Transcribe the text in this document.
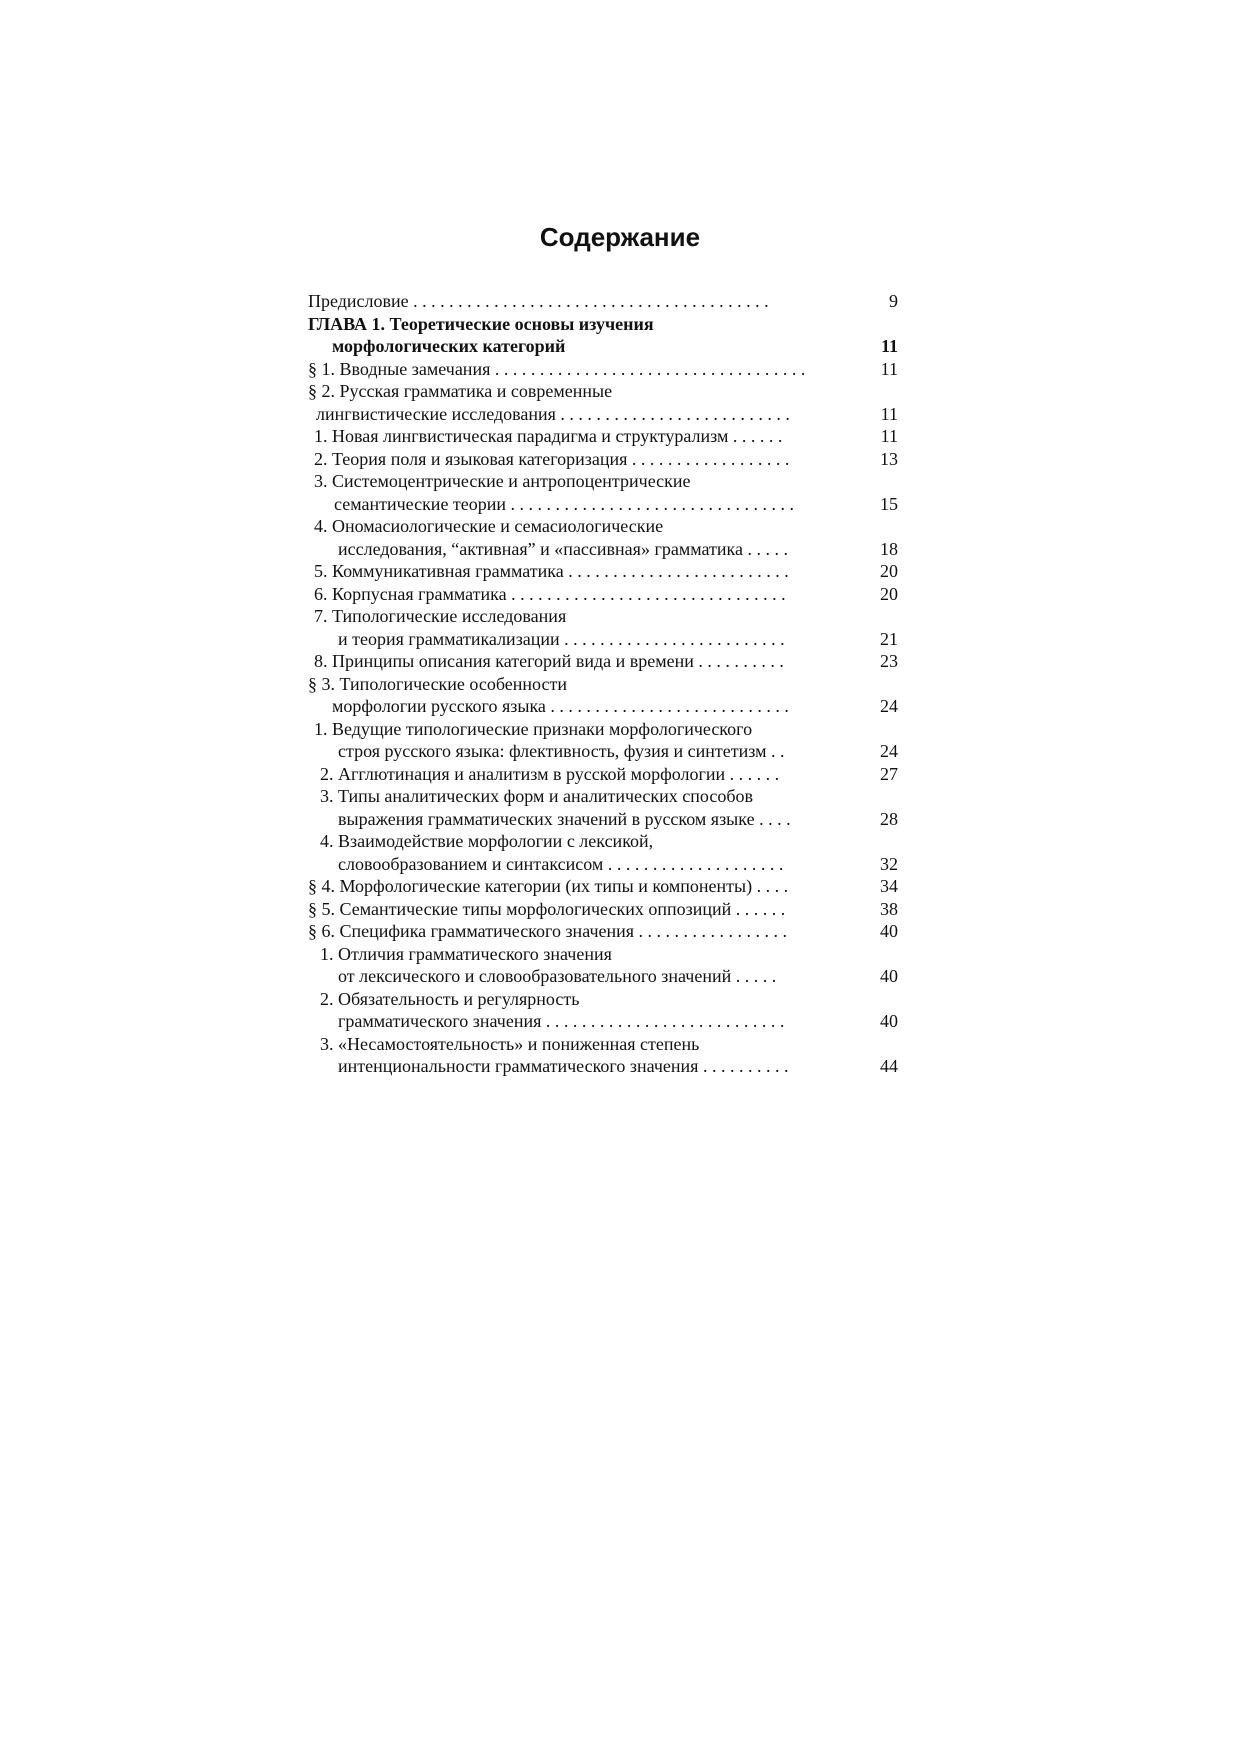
Содержание
Предисловие . . . . . . . . . . . . . . . . . . . . . . . . . . . . . . . . . . . . . . . .	9
ГЛАВА 1. Теоретические основы изучения
морфологических категорий	11
§ 1. Вводные замечания . . . . . . . . . . . . . . . . . . . . . . . . . . . . . . . . . . .	11
§ 2. Русская грамматика и современные
лингвистические исследования . . . . . . . . . . . . . . . . . . . . . . . . . .	11
1. Новая лингвистическая парадигма и структурализм . . . . . .	11
2. Теория поля и языковая категоризация . . . . . . . . . . . . . . . . . .	13
3. Системоцентрические и антропоцентрические
семантические теории . . . . . . . . . . . . . . . . . . . . . . . . . . . . . . . .	15
4. Ономасиологические и семасиологические
исследования, “активная” и «пассивная» грамматика . . . . .	18
5. Коммуникативная грамматика . . . . . . . . . . . . . . . . . . . . . . . . .	20
6. Корпусная грамматика . . . . . . . . . . . . . . . . . . . . . . . . . . . . . . .	20
7. Типологические исследования
и теория грамматикализации . . . . . . . . . . . . . . . . . . . . . . . . .	21
8. Принципы описания категорий вида и времени . . . . . . . . . .	23
§ 3. Типологические особенности
морфологии русского языка . . . . . . . . . . . . . . . . . . . . . . . . . . .	24
1. Ведущие типологические признаки морфологического
строя русского языка: флективность, фузия и синтетизм . .	24
2. Агглютинация и аналитизм в русской морфологии . . . . . .	27
3. Типы аналитических форм и аналитических способов
выражения грамматических значений в русском языке . . . .	28
4. Взаимодействие морфологии с лексикой,
словообразованием и синтаксисом . . . . . . . . . . . . . . . . . . . .	32
§ 4. Морфологические категории (их типы и компоненты) . . . .	34
§ 5. Семантические типы морфологических оппозиций . . . . . .	38
§ 6. Специфика грамматического значения . . . . . . . . . . . . . . . . .	40
1. Отличия грамматического значения
от лексического и словообразовательного значений . . . . .	40
2. Обязательность и регулярность
грамматического значения . . . . . . . . . . . . . . . . . . . . . . . . . . .	40
3. «Несамостоятельность» и пониженная степень
интенциональности грамматического значения . . . . . . . . . .	44
